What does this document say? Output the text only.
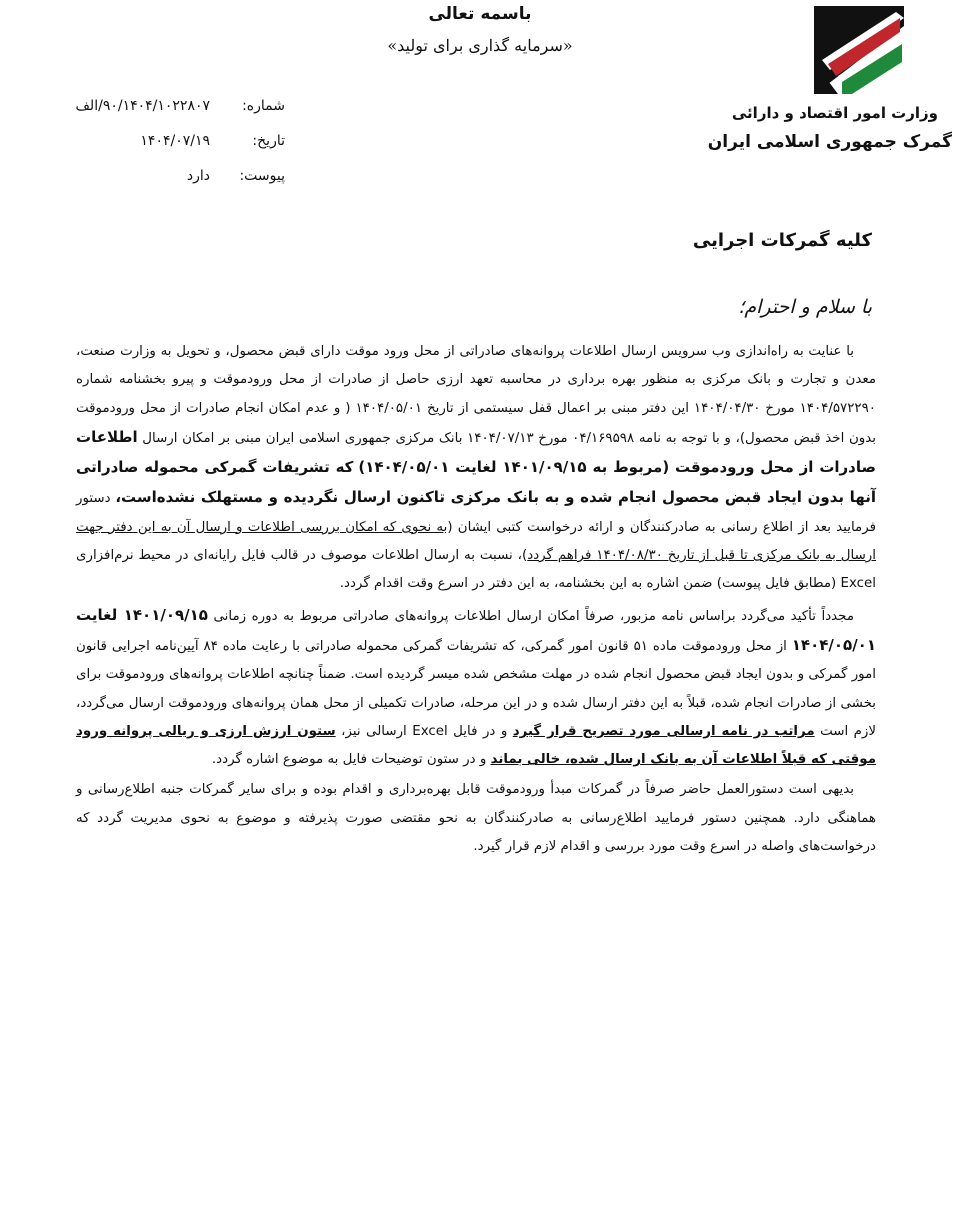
باسمه تعالی
«سرمایه گذاری برای تولید»
وزارت امور اقتصاد و دارائی
گمرک جمهوری اسلامی ایران
شماره:
۹۰/۱۴۰۴/۱۰۲۲۸۰۷/الف
تاریخ:
۱۴۰۴/۰۷/۱۹
پیوست:
دارد
کلیه گمرکات اجرایی
با سلام و احترام؛

با عنایت به راه‌اندازی وب سرویس ارسال اطلاعات پروانه‌های صادراتی از محل ورود موقت دارای قبض محصول، و تحویل به وزارت صنعت، معدن و تجارت و بانک مرکزی به منظور بهره برداری در محاسبه تعهد ارزی حاصل از صادرات از محل ورودموقت و پیرو بخشنامه شماره ۱۴۰۴/۵۷۲۲۹۰ مورخ ۱۴۰۴/۰۴/۳۰ این دفتر مبنی بر اعمال قفل سیستمی از تاریخ ۱۴۰۴/۰۵/۰۱ ( و عدم امکان انجام صادرات از محل ورودموقت بدون اخذ قبض محصول)، و با توجه به نامه ۰۴/۱۶۹۵۹۸ مورخ ۱۴۰۴/۰۷/۱۳ بانک مرکزی جمهوری اسلامی ایران مبنی بر امکان ارسال اطلاعات صادرات از محل ورودموقت (مربوط به ۱۴۰۱/۰۹/۱۵ لغایت ۱۴۰۴/۰۵/۰۱) که تشریفات گمرکی محموله صادراتی آنها بدون ایجاد قبض محصول انجام شده و به بانک مرکزی تاکنون ارسال نگردیده و مستهلک نشده‌است، دستور فرمایید بعد از اطلاع رسانی به صادرکنندگان و ارائه درخواست کتبی ایشان (به نحوی که امکان بررسی اطلاعات و ارسال آن به این دفتر جهت ارسال به بانک مرکزی تا قبل از تاریخ ۱۴۰۴/۰۸/۳۰ فراهم گردد)، نسبت به ارسال اطلاعات موصوف در قالب فایل رایانه‌ای در محیط نرم‌افزاری Excel (مطابق فایل پیوست) ضمن اشاره به این بخشنامه، به این دفتر در اسرع وقت اقدام گردد.

مجدداً تأکید می‌گردد براساس نامه مزبور، صرفاً امکان ارسال اطلاعات پروانه‌های صادراتی مربوط به دوره زمانی ۱۴۰۱/۰۹/۱۵ لغایت ۱۴۰۴/۰۵/۰۱ از محل ورودموقت ماده ۵۱ قانون امور گمرکی، که تشریفات گمرکی محموله صادراتی با رعایت ماده ۸۴ آیین‌نامه اجرایی قانون امور گمرکی و بدون ایجاد قبض محصول انجام شده در مهلت مشخص شده میسر گردیده است. ضمناً چنانچه اطلاعات پروانه‌های ورودموقت برای بخشی از صادرات انجام شده، قبلاً به این دفتر ارسال شده و در این مرحله، صادرات تکمیلی از محل همان پروانه‌های ورودموقت ارسال می‌گردد، لازم است مراتب در نامه ارسالی مورد تصریح قرار گیرد و در فایل Excel ارسالی نیز، ستون ارزش ارزی و ریالی پروانه ورود موقتی که قبلاً اطلاعات آن به بانک ارسال شده، خالی بماند و در ستون توضیحات فایل به موضوع اشاره گردد.

بدیهی است دستورالعمل حاضر صرفاً در گمرکات مبدأ ورودموقت قابل بهره‌برداری و اقدام بوده و برای سایر گمرکات جنبه اطلاع‌رسانی و هماهنگی دارد. همچنین دستور فرمایید اطلاع‌رسانی به صادرکنندگان به نحو مقتضی صورت پذیرفته و موضوع به نحوی مدیریت گردد که درخواست‌های واصله در اسرع وقت مورد بررسی و اقدام لازم قرار گیرد.
